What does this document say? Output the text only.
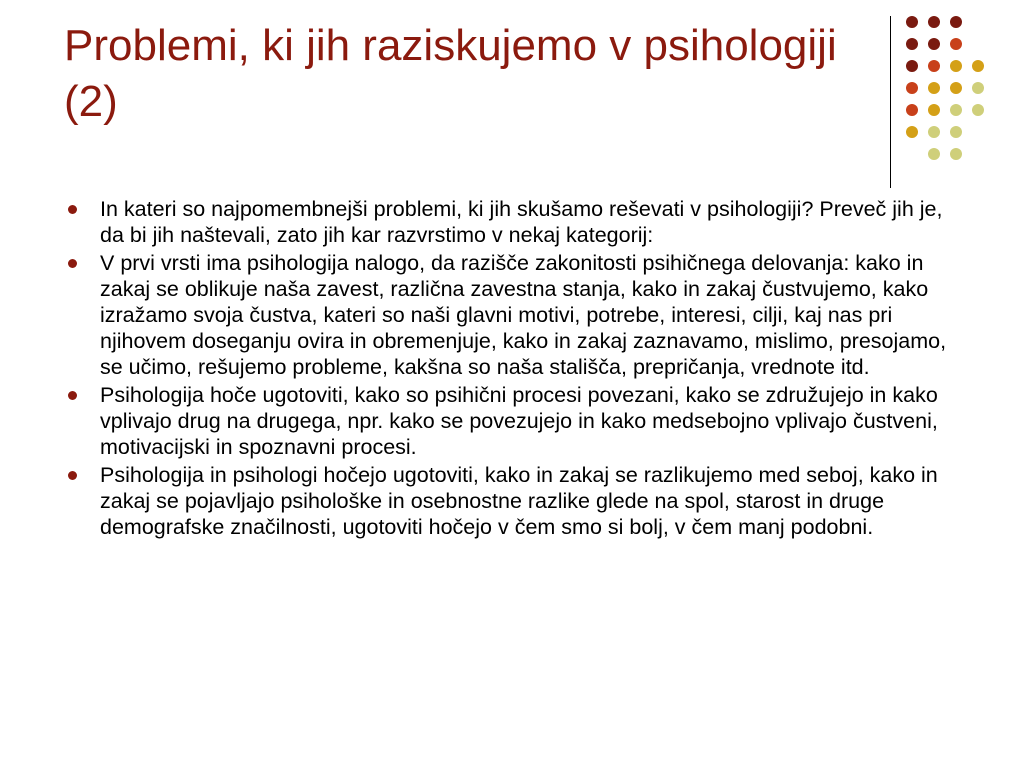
Problemi, ki jih raziskujemo v psihologiji (2)
In kateri so najpomembnejši problemi, ki jih skušamo reševati v psihologiji? Preveč jih je, da bi jih naštevali, zato jih kar razvrstimo v nekaj kategorij:
V prvi vrsti ima psihologija nalogo, da razišče zakonitosti psihičnega delovanja: kako in zakaj se oblikuje naša zavest, različna zavestna stanja, kako in zakaj čustvujemo, kako izražamo svoja čustva, kateri so naši glavni motivi, potrebe, interesi, cilji, kaj nas pri njihovem doseganju ovira in obremenjuje, kako in zakaj zaznavamo, mislimo, presojamo, se učimo, rešujemo probleme, kakšna so naša stališča, prepričanja, vrednote itd.
Psihologija hoče ugotoviti, kako so psihični procesi povezani, kako se združujejo in kako vplivajo drug na drugega, npr. kako se povezujejo in kako medsebojno vplivajo čustveni, motivacijski in spoznavni procesi.
Psihologija in psihologi hočejo ugotoviti, kako in zakaj se razlikujemo med seboj, kako in zakaj se pojavljajo psihološke in osebnostne razlike glede na spol, starost in druge demografske značilnosti, ugotoviti hočejo v čem smo si bolj, v čem manj podobni.
